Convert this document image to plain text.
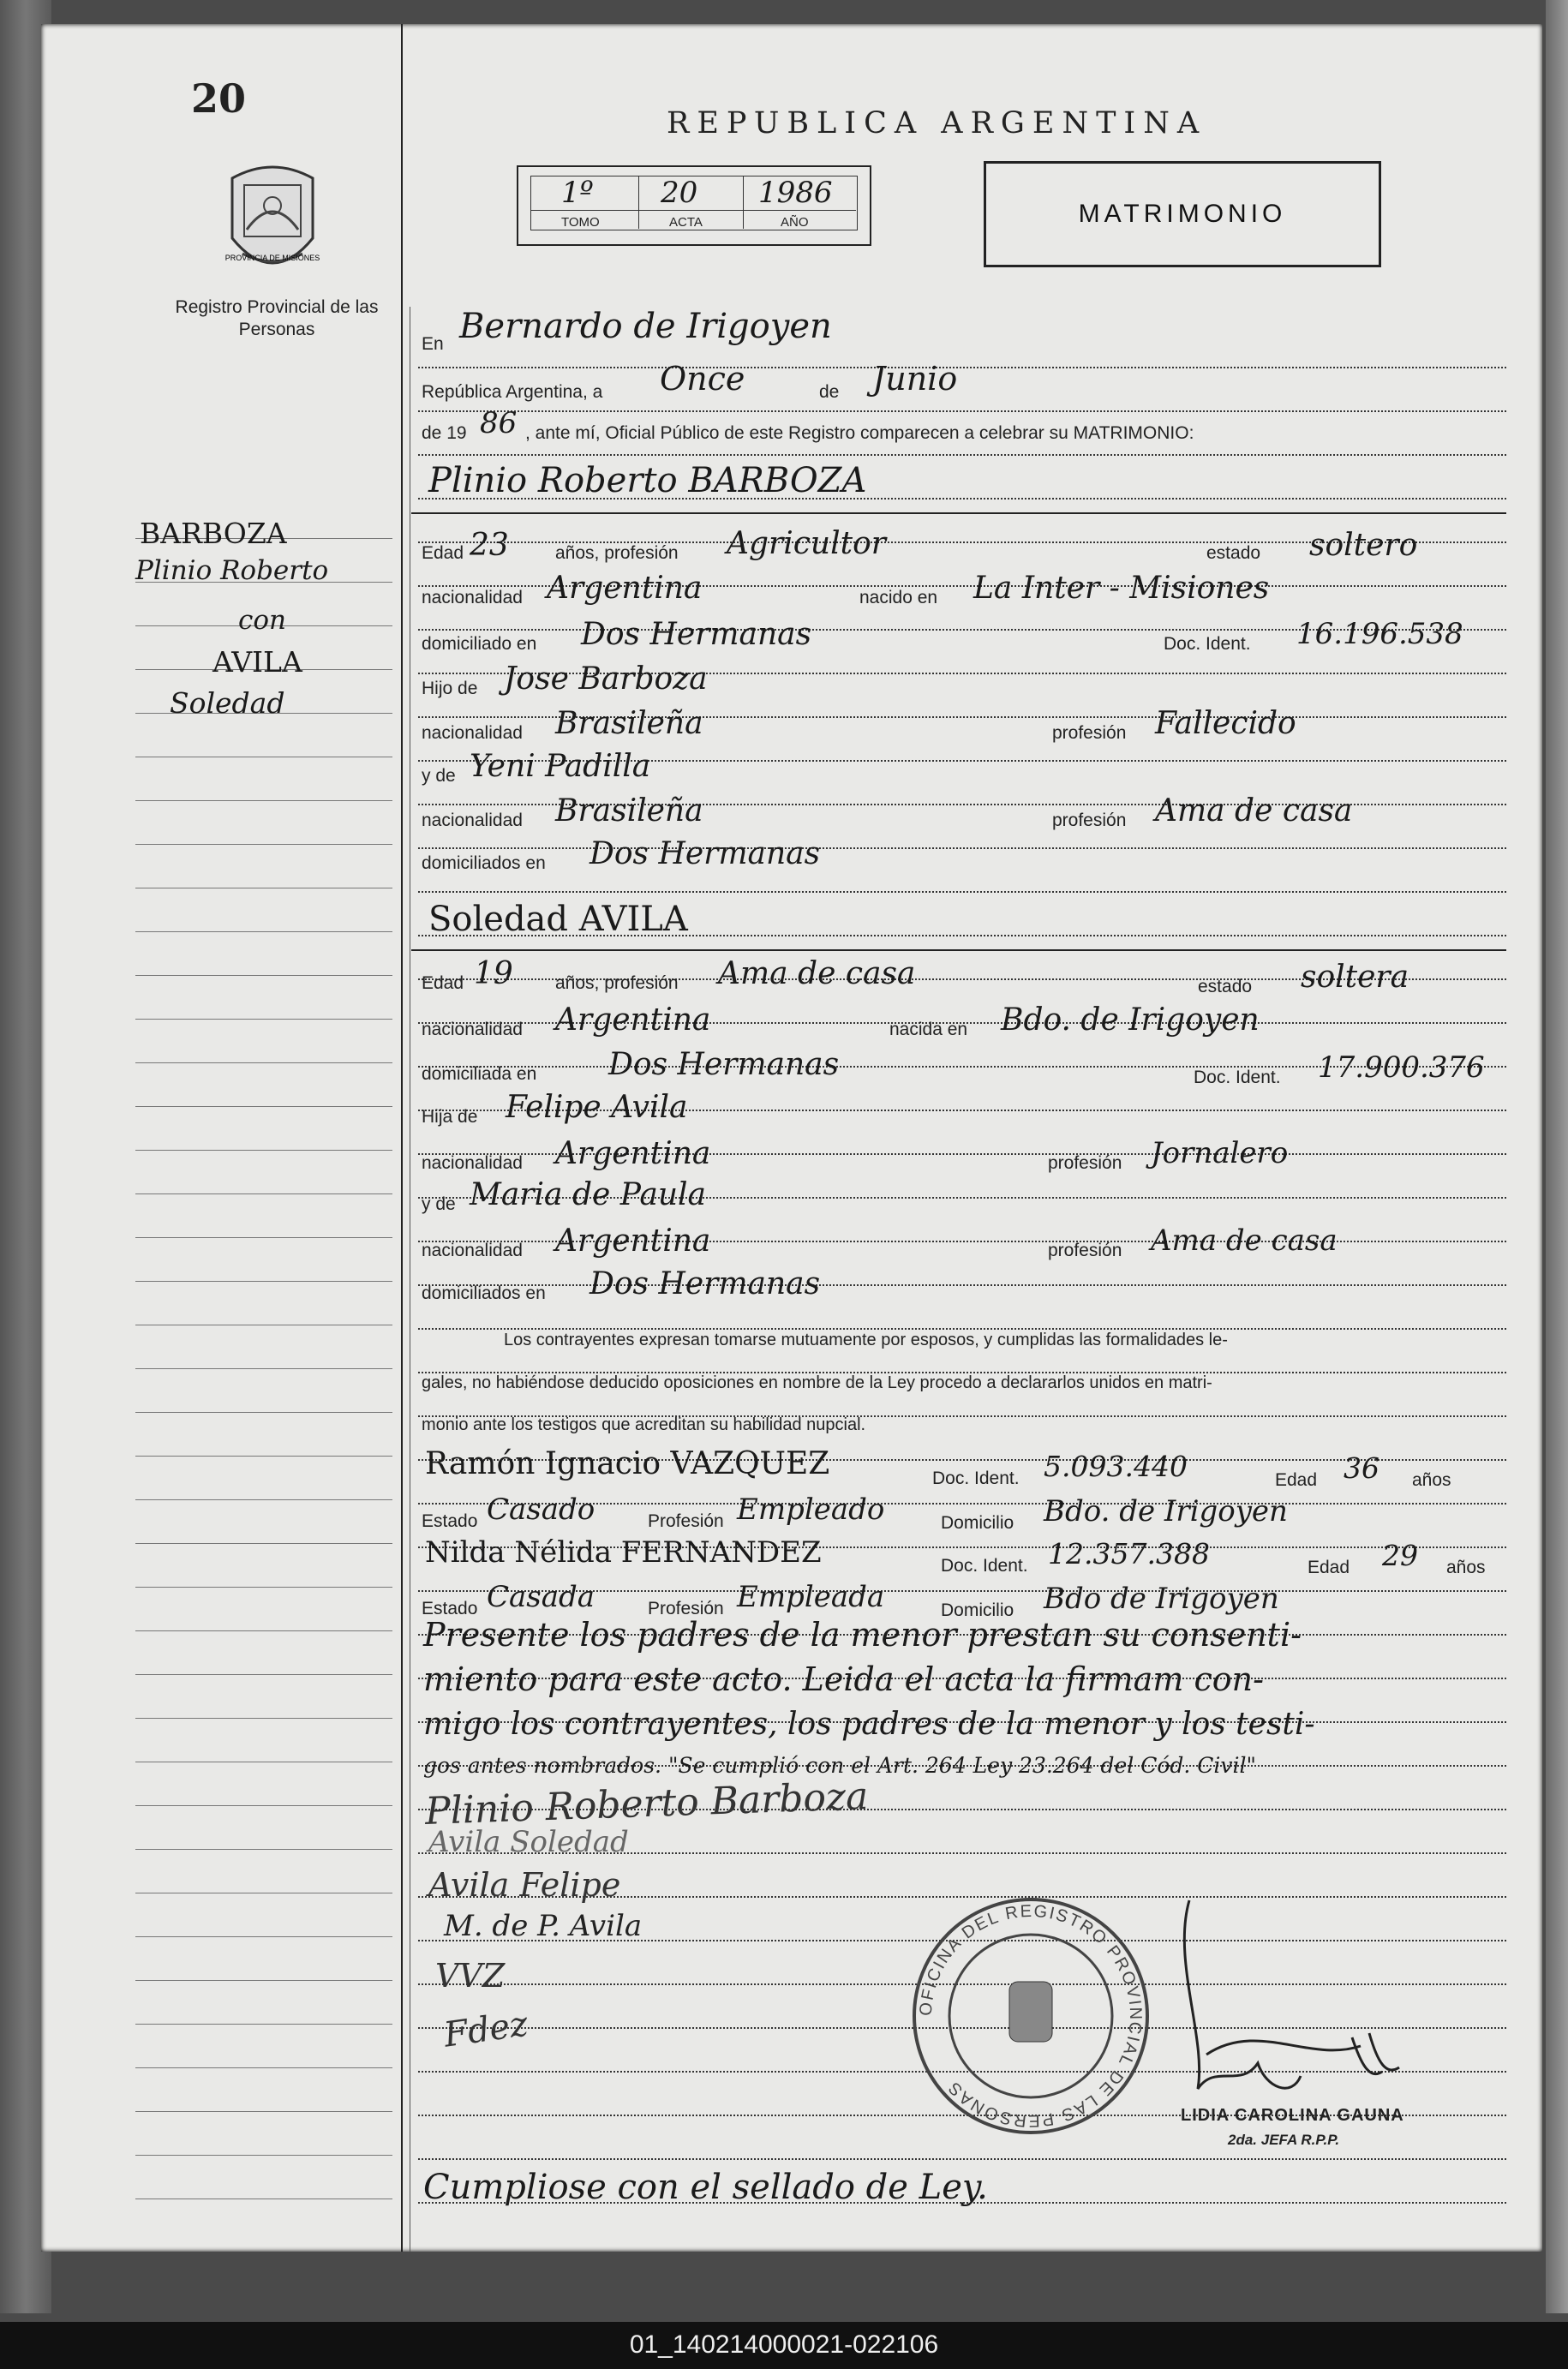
20
PROVINCIA DE MISIONES
Registro Provincial de las Personas
REPUBLICA ARGENTINA
1º 20 1986
TOMO	ACTA	AÑO	MATRIMONIO
BARBOZA
Plinio Roberto
con
AVILA
Soledad
En Bernardo de Irigoyen
República Argentina, a Once	de Junio
de 19 86 , ante mí, Oficial Público de este Registro comparecen a celebrar su MATRIMONIO:
Plinio Roberto BARBOZA
Edad 23	años, profesión Agricultor	estado soltero
nacionalidad Argentina	nacido en La Inter - Misiones
domiciliado en Dos Hermanas	Doc. Ident. 16.196.538
Hijo de Jose Barboza
nacionalidad Brasileña	profesión Fallecido
y de Yeni Padilla
nacionalidad Brasileña	profesión Ama de casa
domiciliados en Dos Hermanas
Soledad AVILA
Edad 19 años, profesión Ama de casa	estado soltera
nacionalidad Argentina	nacida en Bdo. de Irigoyen
domiciliada en Dos Hermanas	Doc. Ident. 17.900.376
Hija de Felipe Avila
nacionalidad Argentina	profesión Jornalero
y de Maria de Paula
nacionalidad Argentina	profesión Ama de casa
domiciliados en Dos Hermanas
Los contrayentes expresan tomarse mutuamente por esposos, y cumplidas las formalidades le-
gales, no habiéndose deducido oposiciones en nombre de la Ley procedo a declararlos unidos en matri-
monio ante los testigos que acreditan su habilidad nupcial.
Ramón Ignacio VAZQUEZ	Doc. Ident. 5.093.440	Edad 36 años
Estado Casado	Profesión Empleado	Domicilio Bdo. de Irigoyen
Nilda Nélida FERNANDEZ	Doc. Ident. 12.357.388	Edad 29 años
Estado Casada	Profesión Empleada	Domicilio Bdo de Irigoyen
Presente los padres de la menor prestan su consenti-
miento para este acto. Leida el acta la firmam con-
migo los contrayentes, los padres de la menor y los testi-
gos antes nombrados. "Se cumplió con el Art. 264 Ley 23.264 del Cód. Civil"
Plinio Roberto Barboza
Avila Soledad
Avila Felipe
M. de P. Avila
VVZ
Fdez	OFICINA DEL REGISTRO PROVINCIAL DE LAS PERSONAS
LIDIA CAROLINA GAUNA
2da. JEFA R.P.P.
Cumpliose con el sellado de Ley.
01_140214000021-022106
